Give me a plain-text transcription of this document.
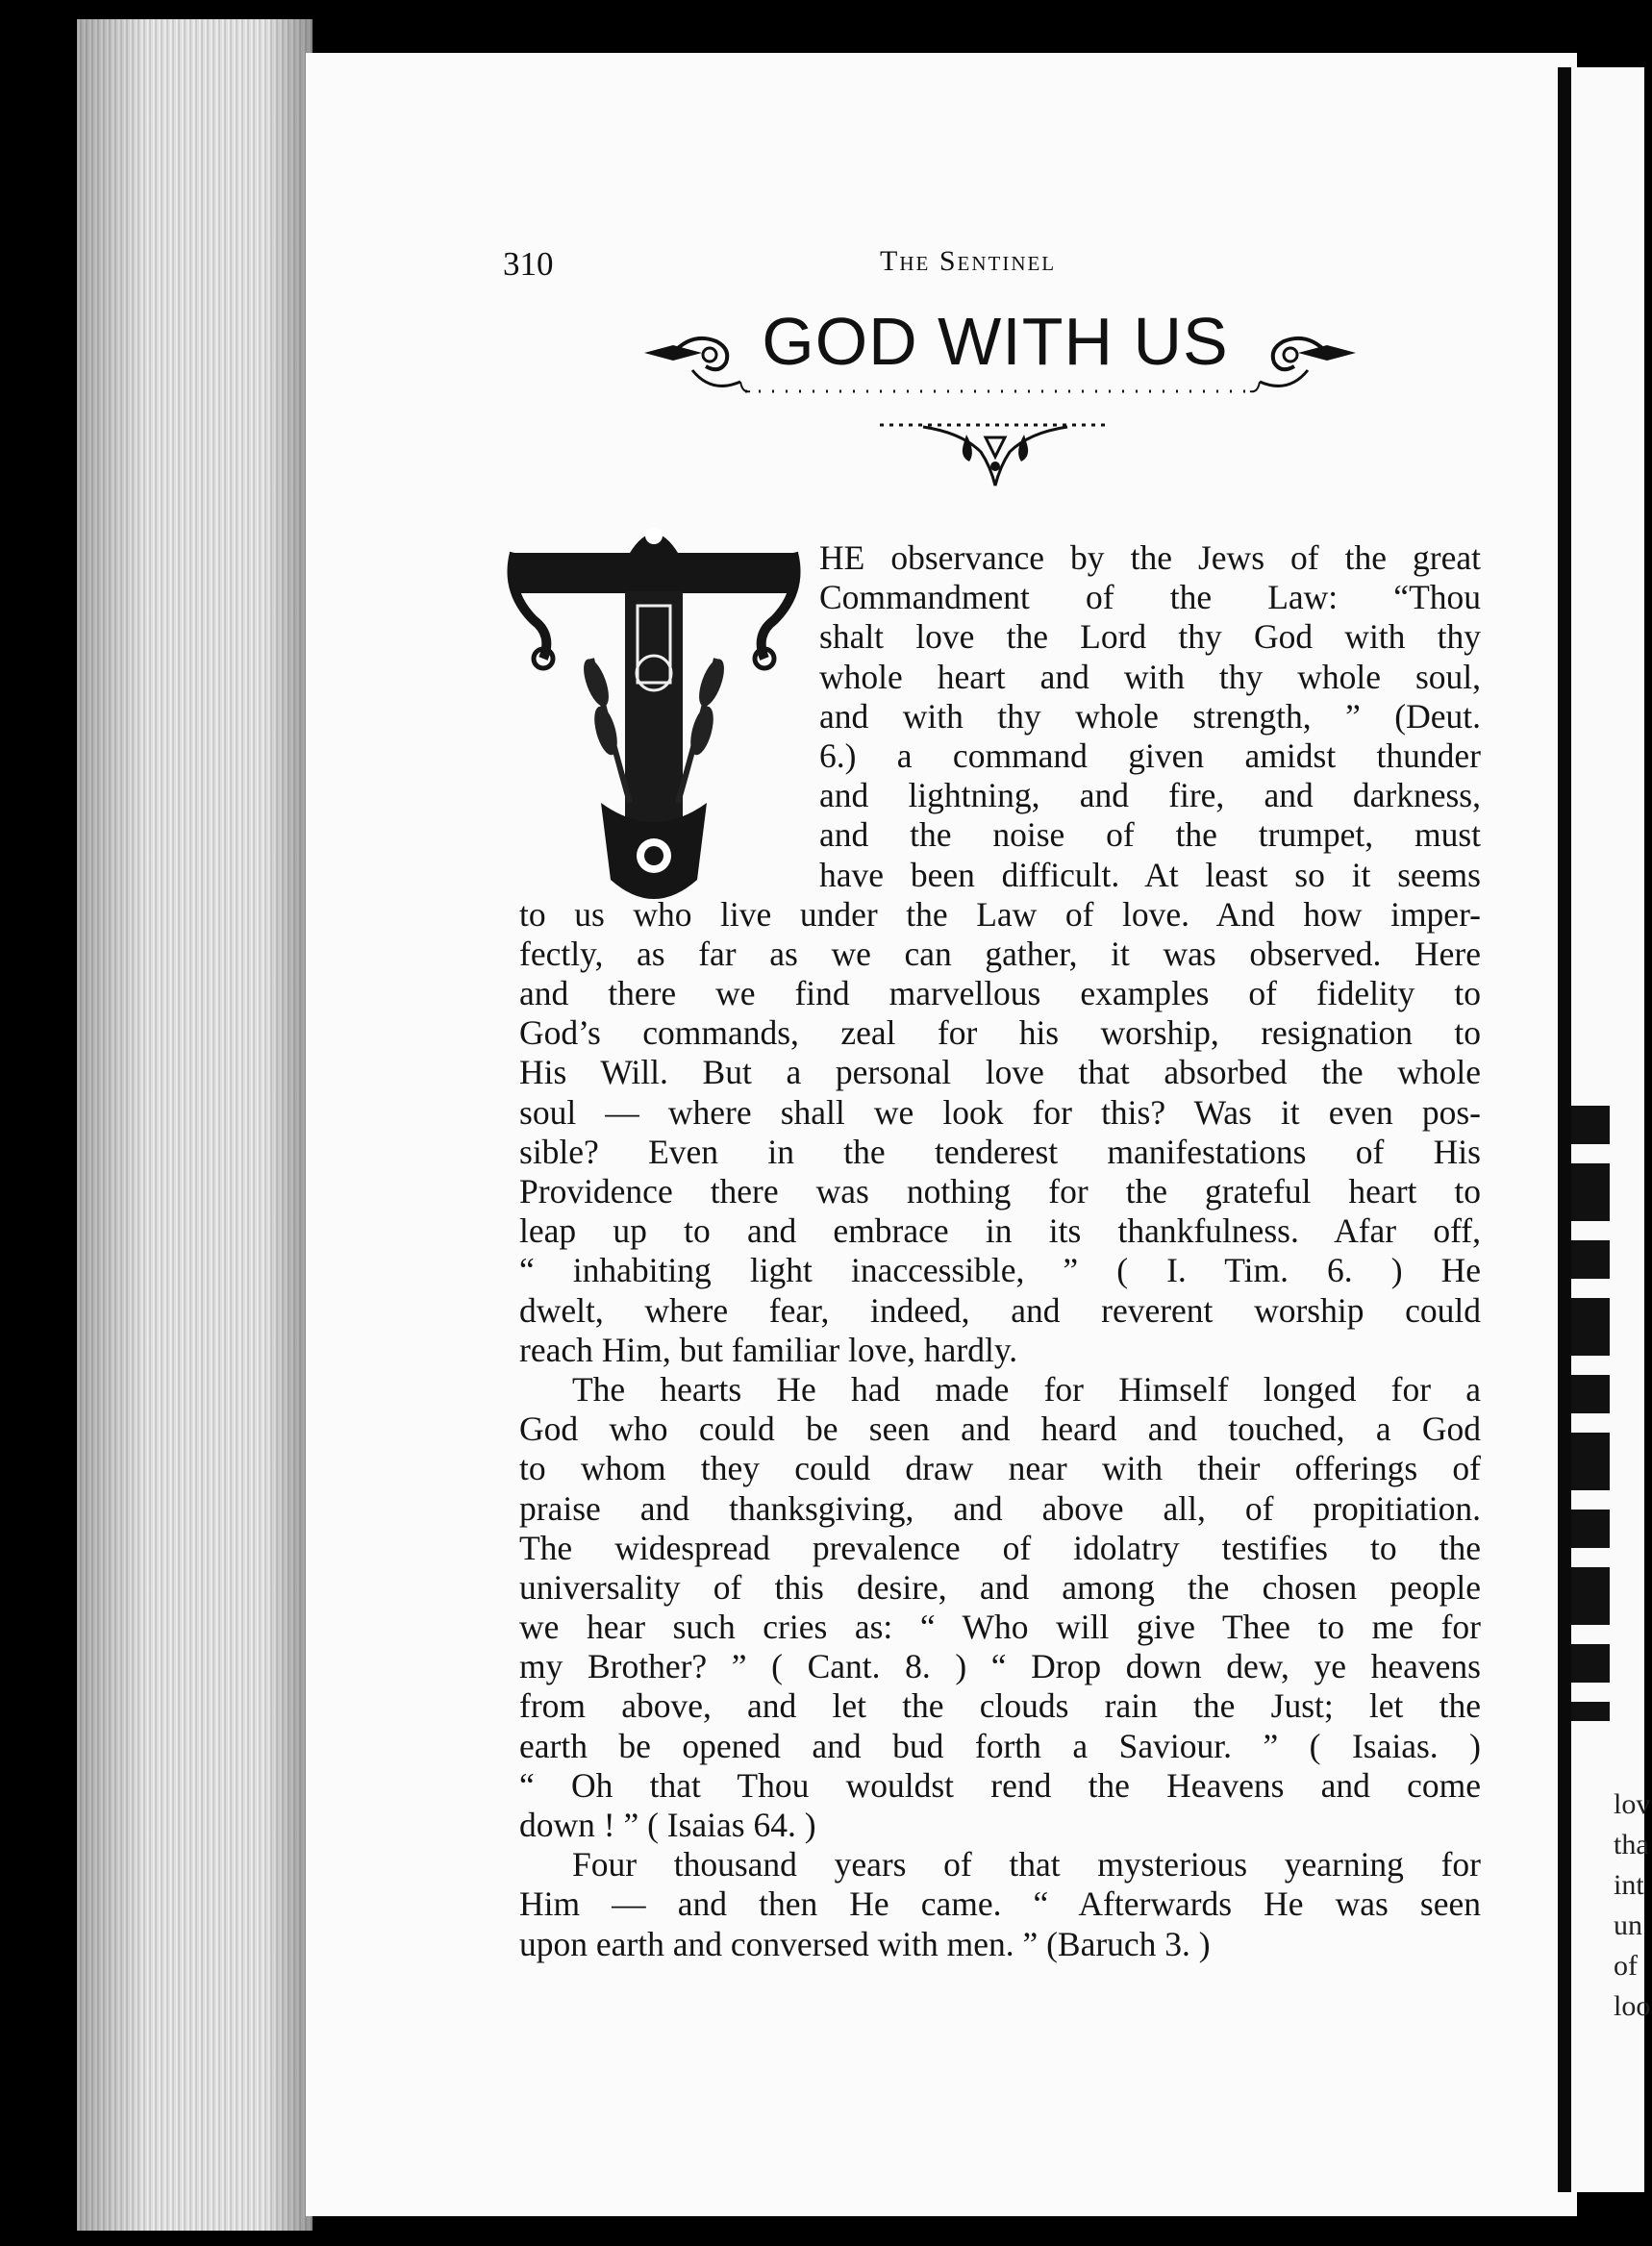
lov
tha
int
un
of
loo
310	The Sentinel
GOD WITH US
HE observance by the Jews of the great
Commandment of the Law: “Thou
shalt love the Lord thy God with thy
whole heart and with thy whole soul,
and with thy whole strength, ” (Deut.
6.) a command given amidst thunder
and lightning, and fire, and darkness,
and the noise of the trumpet, must
have been difficult. At least so it seems
to us who live under the Law of love. And how imper-
fectly, as far as we can gather, it was observed. Here
and there we find marvellous examples of fidelity to
God’s commands, zeal for his worship, resignation to
His Will. But a personal love that absorbed the whole
soul — where shall we look for this? Was it even pos-
sible? Even in the tenderest manifestations of His
Providence there was nothing for the grateful heart to
leap up to and embrace in its thankfulness. Afar off,
“ inhabiting light inaccessible, ” ( I. Tim. 6. ) He
dwelt, where fear, indeed, and reverent worship could
reach Him, but familiar love, hardly.
The hearts He had made for Himself longed for a
God who could be seen and heard and touched, a God
to whom they could draw near with their offerings of
praise and thanksgiving, and above all, of propitiation.
The widespread prevalence of idolatry testifies to the
universality of this desire, and among the chosen people
we hear such cries as: “ Who will give Thee to me for
my Brother? ” ( Cant. 8. ) “ Drop down dew, ye heavens
from above, and let the clouds rain the Just; let the
earth be opened and bud forth a Saviour. ” ( Isaias. )
“ Oh that Thou wouldst rend the Heavens and come
down ! ” ( Isaias 64. )
Four thousand years of that mysterious yearning for
Him — and then He came. “ Afterwards He was seen
upon earth and conversed with men. ” (Baruch 3. )
